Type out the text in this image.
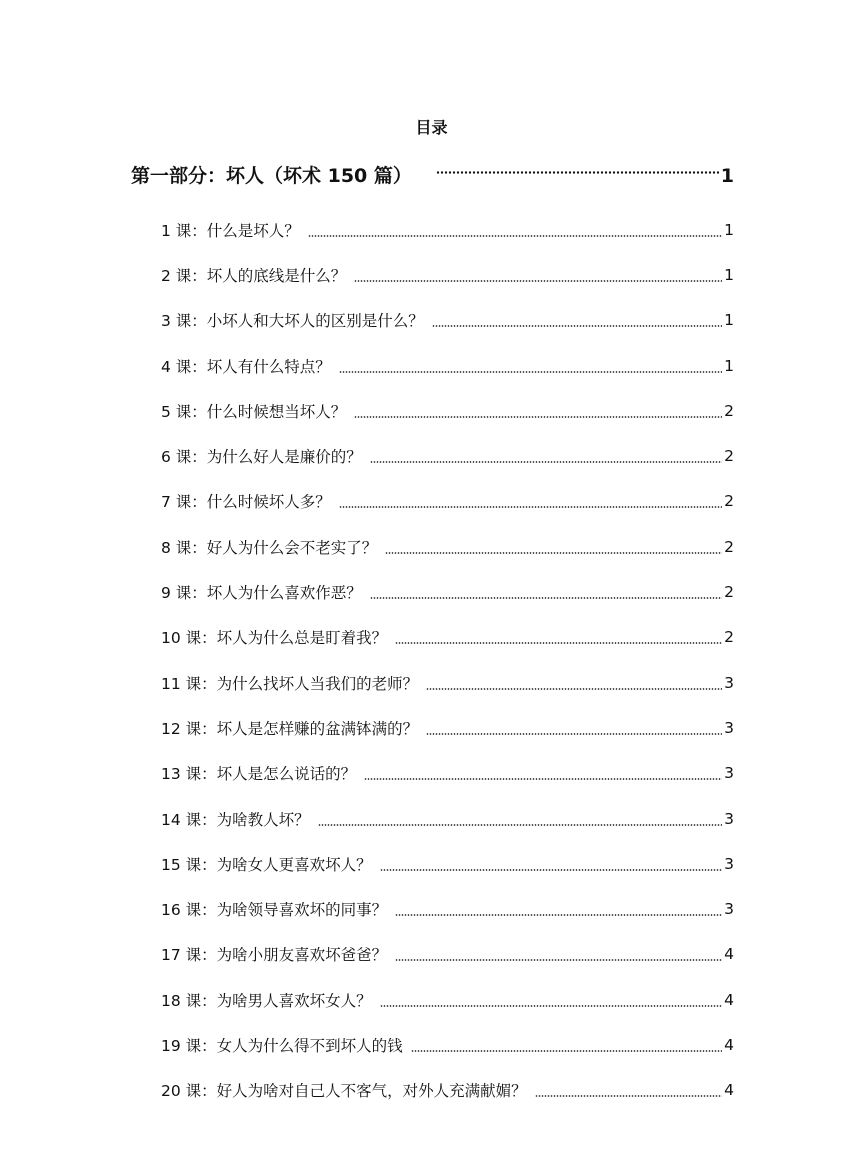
目录
第一部分：坏人（坏术 150 篇）	1
1 课：什么是坏人？	1
2 课：坏人的底线是什么？	1
3 课：小坏人和大坏人的区别是什么？	1
4 课：坏人有什么特点？	1
5 课：什么时候想当坏人？	2
6 课：为什么好人是廉价的？	2
7 课：什么时候坏人多？	2
8 课：好人为什么会不老实了？	2
9 课：坏人为什么喜欢作恶？	2
10 课：坏人为什么总是盯着我？	2
11 课：为什么找坏人当我们的老师？	3
12 课：坏人是怎样赚的盆满钵满的？	3
13 课：坏人是怎么说话的？	3
14 课：为啥教人坏？	3
15 课：为啥女人更喜欢坏人？	3
16 课：为啥领导喜欢坏的同事？	3
17 课：为啥小朋友喜欢坏爸爸？	4
18 课：为啥男人喜欢坏女人？	4
19 课：女人为什么得不到坏人的钱	4
20 课：好人为啥对自己人不客气，对外人充满献媚？	4
